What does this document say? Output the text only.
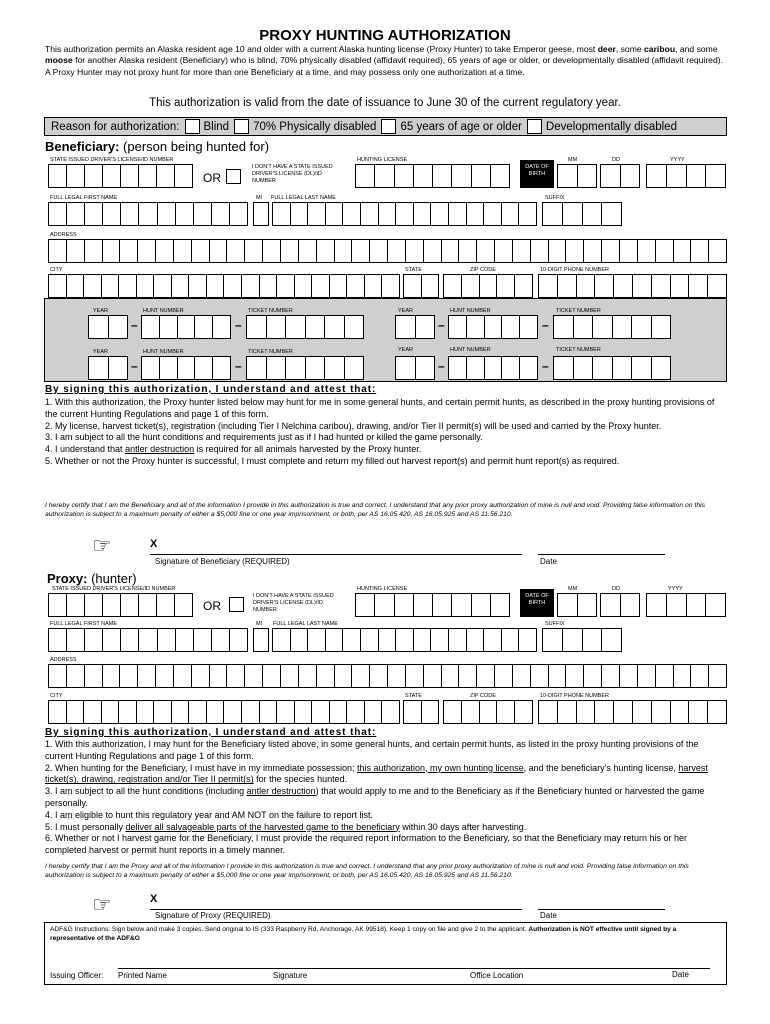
PROXY HUNTING AUTHORIZATION
This authorization permits an Alaska resident age 10 and older with a current Alaska hunting license (Proxy Hunter) to take Emperor geese, most deer, some caribou, and some moose for another Alaska resident (Beneficiary) who is blind, 70% physically disabled (affidavit required), 65 years of age or older, or developmentally disabled (affidavit required). A Proxy Hunter may not proxy hunt for more than one Beneficiary at a time, and may possess only one authorization at a time.
This authorization is valid from the date of issuance to June 30 of the current regulatory year.
Reason for authorization: Blind 70% Physically disabled 65 years of age or older Developmentally disabled
Beneficiary: (person being hunted for)
STATE ISSUED DRIVER'S LICENSE/ID NUMBER
OR
I DON'T HAVE A STATE ISSUED DRIVER'S LICENSE (DL)/ID NUMBER
HUNTING LICENSE
DATE OF BIRTH
MM	DD	YYYY
FULL LEGAL FIRST NAME	MI FULL LEGAL LAST NAME	SUFFIX
ADDRESS
CITY	STATE	ZIP CODE	10-DIGIT PHONE NUMBER
YEAR	HUNT NUMBER	TICKET NUMBER
–	–
YEAR	HUNT NUMBER	TICKET NUMBER
–	–
YEAR	HUNT NUMBER	TICKET NUMBER
–	–
YEAR	HUNT NUMBER	TICKET NUMBER
–	–
By signing this authorization, I understand and attest that:
1. With this authorization, the Proxy hunter listed below may hunt for me in some general hunts, and certain permit hunts, as described in the proxy hunting provisions of the current Hunting Regulations and page 1 of this form.
2. My license, harvest ticket(s), registration (including Tier I Nelchina caribou), drawing, and/or Tier II permit(s) will be used and carried by the Proxy hunter.
3. I am subject to all the hunt conditions and requirements just as if I had hunted or killed the game personally.
4. I understand that antler destruction is required for all animals harvested by the Proxy hunter.
5. Whether or not the Proxy hunter is successful, I must complete and return my filled out harvest report(s) and permit hunt report(s) as required.
I hereby certify that I am the Beneficiary and all of the information I provide in this authorization is true and correct. I understand that any prior proxy authorization of mine is null and void. Providing false information on this authorization is subject to a maximum penalty of either a $5,000 fine or one year imprisonment, or both, per AS 16.05.420, AS 16.05.925 and AS 11.56.210.
☞	X
Signature of Beneficiary (REQUIRED)	Date
Proxy: (hunter)
STATE ISSUED DRIVER'S LICENSE/ID NUMBER
OR
I DON'T HAVE A STATE ISSUED DRIVER'S LICENSE (DL)/ID NUMBER
HUNTING LICENSE
DATE OF BIRTH
MM	DD	YYYY
FULL LEGAL FIRST NAME	MI FULL LEGAL LAST NAME	SUFFIX
ADDRESS
CITY	STATE	ZIP CODE	10-DIGIT PHONE NUMBER
By signing this authorization, I understand and attest that:
1. With this authorization, I may hunt for the Beneficiary listed above, in some general hunts, and certain permit hunts, as listed in the proxy hunting provisions of the current Hunting Regulations and page 1 of this form.
2. When hunting for the Beneficiary, I must have in my immediate possession; this authorization, my own hunting license, and the beneficiary's hunting license, harvest ticket(s), drawing, registration and/or Tier II permit(s) for the species hunted.
3. I am subject to all the hunt conditions (including antler destruction) that would apply to me and to the Beneficiary as if the Beneficiary hunted or harvested the game personally.
4. I am eligible to hunt this regulatory year and AM NOT on the failure to report list.
5. I must personally deliver all salvageable parts of the harvested game to the beneficiary within 30 days after harvesting.
6. Whether or not I harvest game for the Beneficiary, I must provide the required report information to the Beneficiary, so that the Beneficiary may return his or her completed harvest or permit hunt reports in a timely manner.
I hereby certify that I am the Proxy and all of the information I provide in this authorization is true and correct. I understand that any prior proxy authorization of mine is null and void. Providing false information on this authorization is subject to a maximum penalty of either a $5,000 fine or one year imprisonment, or both, per AS 16.05.420, AS 16.05.925 and AS 11.56.210.
☞	X
Signature of Proxy (REQUIRED)	Date
ADF&G Instructions: Sign below and make 3 copies. Send original to IS (333 Raspberry Rd, Anchorage, AK 99518). Keep 1 copy on file and give 2 to the applicant. Authorization is NOT effective until signed by a representative of the ADF&G
Issuing Officer: Printed Name	Signature	Office Location	Date
